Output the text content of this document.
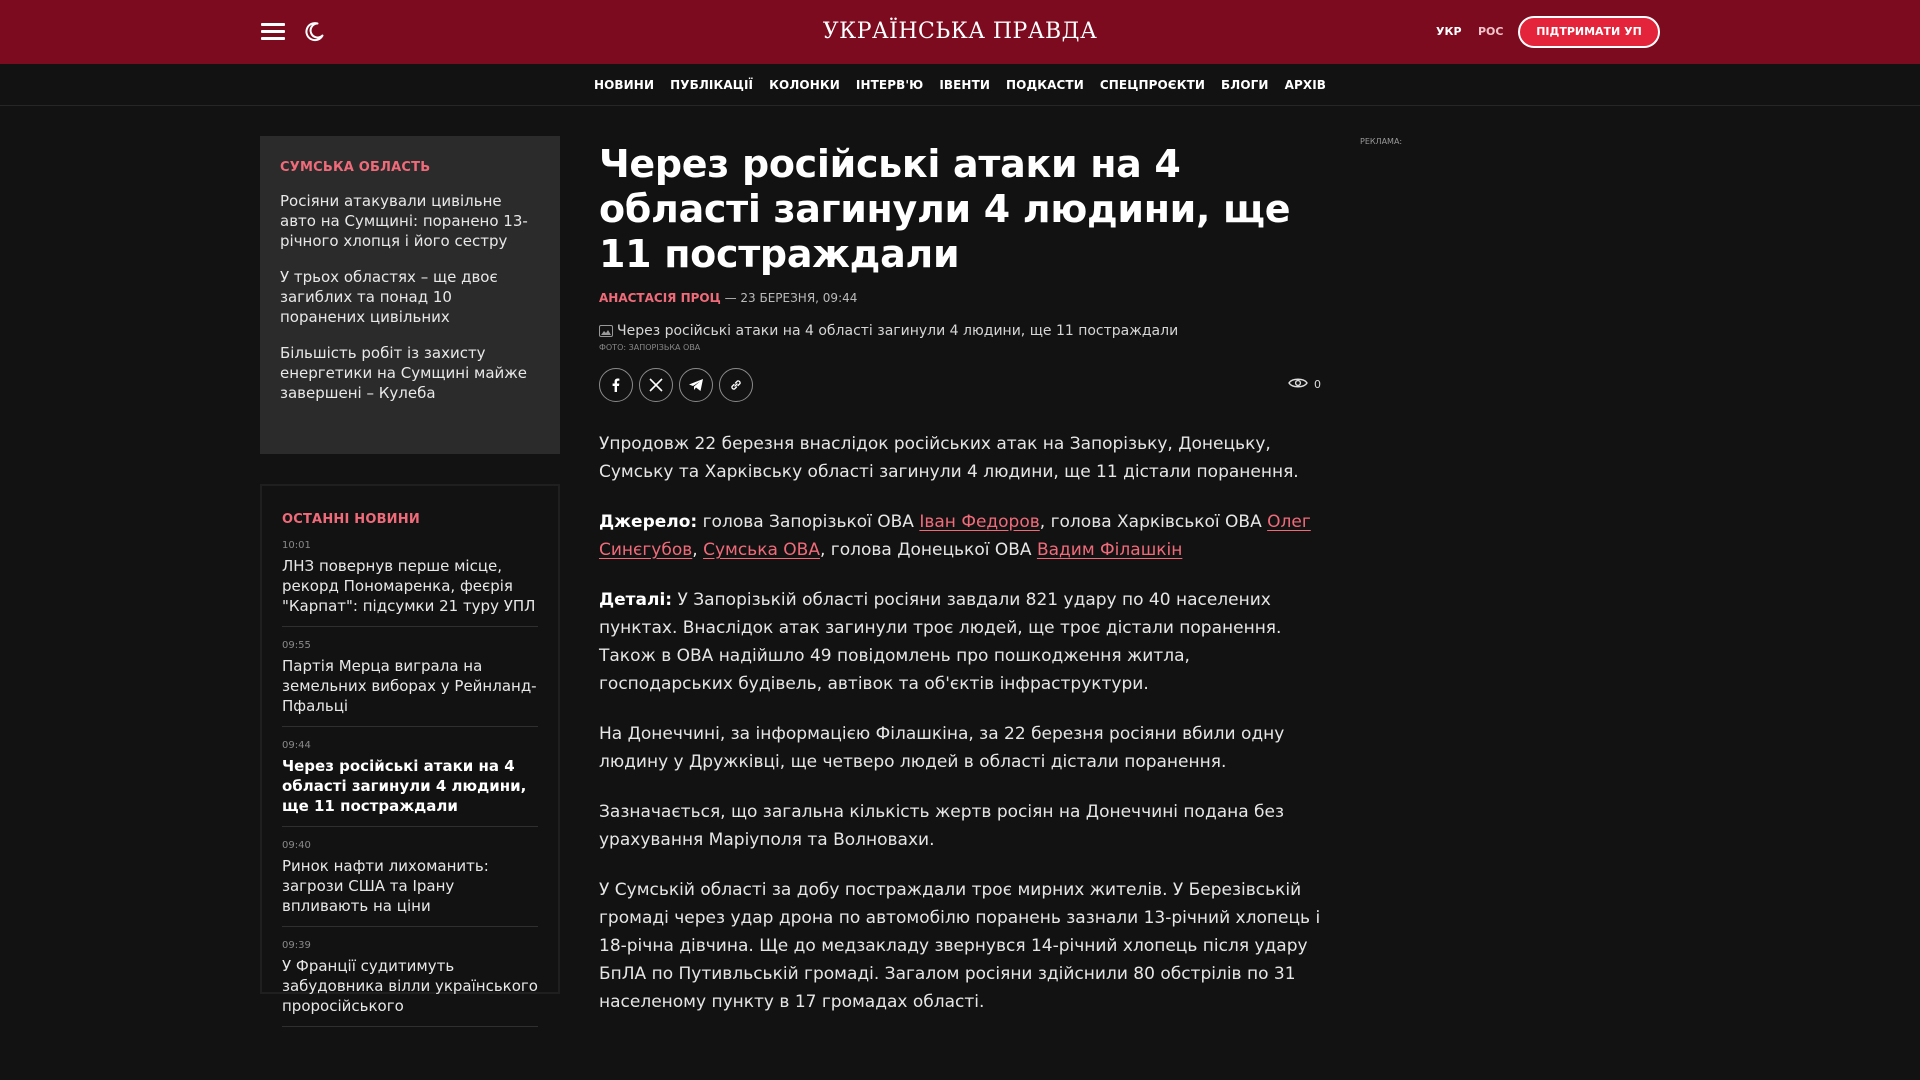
УКРАЇНСЬКА ПРАВДА	УКР РОС	ПІДТРИМАТИ УП
НОВИНИ ПУБЛІКАЦІЇ КОЛОНКИ ІНТЕРВ'Ю ІВЕНТИ ПОДКАСТИ СПЕЦПРОЄКТИ БЛОГИ АРХІВ
СУМСЬКА ОБЛАСТЬ
Росіяни атакували цивільне авто на Сумщині: поранено 13-річного хлопця і його сестру
У трьох областях – ще двоє загиблих та понад 10 поранених цивільних
Більшість робіт із захисту енергетики на Сумщині майже завершені – Кулеба
ОСТАННІ НОВИНИ
10:01
ЛНЗ повернув перше місце, рекорд Пономаренка, феєрія "Карпат": підсумки 21 туру УПЛ
09:55
Партія Мерца виграла на земельних виборах у Рейнланд-Пфальці
09:44
Через російські атаки на 4 області загинули 4 людини, ще 11 постраждали
09:40
Ринок нафти лихоманить: загрози США та Ірану впливають на ціни
09:39
У Франції судитимуть забудовника вілли українського проросійського
Через російські атаки на 4 області загинули 4 людини, ще 11 постраждали
АНАСТАСІЯ ПРОЦ — 23 БЕРЕЗНЯ, 09:44
Через російські атаки на 4 області загинули 4 людини, ще 11 постраждали
ФОТО: ЗАПОРІЗЬКА ОВА
0

Упродовж 22 березня внаслідок російських атак на Запорізьку, Донецьку, Сумську та Харківську області загинули 4 людини, ще 11 дістали поранення.

Джерело: голова Запорізької ОВА Іван Федоров, голова Харківської ОВА Олег Синєгубов, Сумська ОВА, голова Донецької ОВА Вадим Філашкін

Деталі: У Запорізькій області росіяни завдали 821 удару по 40 населених пунктах. Внаслідок атак загинули троє людей, ще троє дістали поранення. Також в ОВА надійшло 49 повідомлень про пошкодження житла, господарських будівель, автівок та об'єктів інфраструктури.

На Донеччині, за інформацією Філашкіна, за 22 березня росіяни вбили одну людину у Дружківці, ще четверо людей в області дістали поранення.

Зазначається, що загальна кількість жертв росіян на Донеччині подана без урахування Маріуполя та Волновахи.

У Сумській області за добу постраждали троє мирних жителів. У Березівській громаді через удар дрона по автомобілю поранень зазнали 13-річний хлопець і 18-річна дівчина. Ще до медзакладу звернувся 14-річний хлопець після удару БпЛА по Путивльській громаді. Загалом росіяни здійснили 80 обстрілів по 31 населеному пункту в 17 громадах області.

РЕКЛАМА:
